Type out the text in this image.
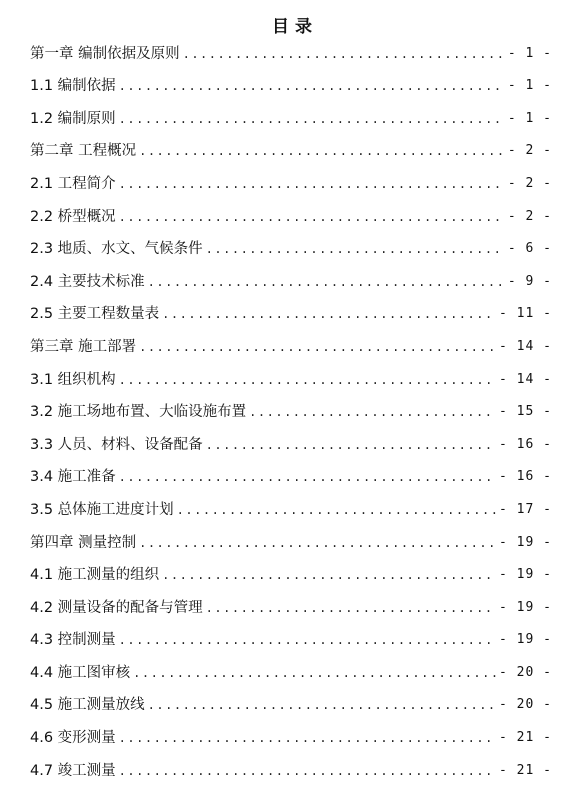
目 录
第一章 编制依据及原则 .....	- 1 -
1.1 编制依据 .....	- 1 -
1.2 编制原则 .....	- 1 -
第二章 工程概况 .....	- 2 -
2.1 工程简介 .....	- 2 -
2.2 桥型概况 .....	- 2 -
2.3 地质、水文、气候条件 .....	- 6 -
2.4 主要技术标准 .....	- 9 -
2.5 主要工程数量表 .....	- 11 -
第三章 施工部署 .....	- 14 -
3.1 组织机构 .....	- 14 -
3.2 施工场地布置、大临设施布置 .....	- 15 -
3.3 人员、材料、设备配备 .....	- 16 -
3.4 施工准备 .....	- 16 -
3.5 总体施工进度计划 .....	- 17 -
第四章 测量控制 .....	- 19 -
4.1 施工测量的组织 .....	- 19 -
4.2 测量设备的配备与管理 .....	- 19 -
4.3 控制测量 .....	- 19 -
4.4 施工图审核 .....	- 20 -
4.5 施工测量放线 .....	- 20 -
4.6 变形测量 .....	- 21 -
4.7 竣工测量 .....	- 21 -
